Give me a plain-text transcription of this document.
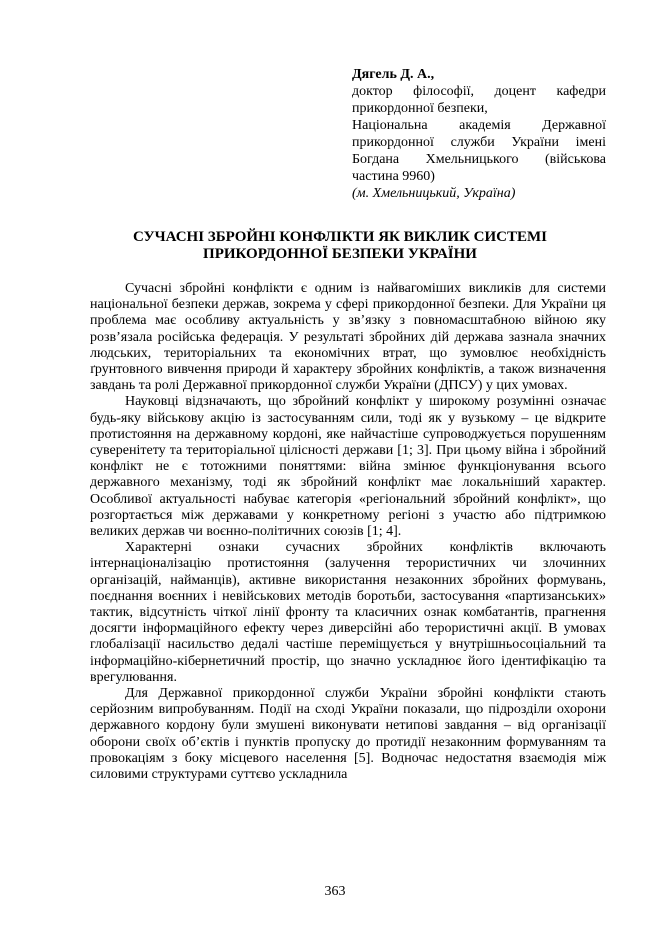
Дягель Д. А.,

доктор філософії, доцент кафедри прикордонної безпеки,

Національна академія Державної прикордонної служби України імені Богдана Хмельницького (військова частина 9960)

(м. Хмельницький, Україна)

СУЧАСНІ ЗБРОЙНІ КОНФЛІКТИ ЯК ВИКЛИК СИСТЕМІ

ПРИКОРДОННОЇ БЕЗПЕКИ УКРАЇНИ

Сучасні збройні конфлікти є одним із найвагоміших викликів для системи національної безпеки держав, зокрема у сфері прикордонної безпеки. Для України ця проблема має особливу актуальність у зв’язку з повномасштабною війною яку розв’язала російська федерація. У результаті збройних дій держава зазнала значних людських, територіальних та економічних втрат, що зумовлює необхідність ґрунтовного вивчення природи й характеру збройних конфліктів, а також визначення завдань та ролі Державної прикордонної служби України (ДПСУ) у цих умовах.

Науковці відзначають, що збройний конфлікт у широкому розумінні означає будь-яку військову акцію із застосуванням сили, тоді як у вузькому – це відкрите протистояння на державному кордоні, яке найчастіше супроводжується порушенням суверенітету та територіальної цілісності держави [1; 3]. При цьому війна і збройний конфлікт не є тотожними поняттями: війна змінює функціонування всього державного механізму, тоді як збройний конфлікт має локальніший характер. Особливої актуальності набуває категорія «регіональний збройний конфлікт», що розгортається між державами у конкретному регіоні з участю або підтримкою великих держав чи воєнно-політичних союзів [1; 4].

Характерні ознаки сучасних збройних конфліктів включають інтернаціоналізацію протистояння (залучення терористичних чи злочинних організацій, найманців), активне використання незаконних збройних формувань, поєднання воєнних і невійськових методів боротьби, застосування «партизанських» тактик, відсутність чіткої лінії фронту та класичних ознак комбатантів, прагнення досягти інформаційного ефекту через диверсійні або терористичні акції. В умовах глобалізації насильство дедалі частіше переміщується у внутрішньосоціальний та інформаційно-кібернетичний простір, що значно ускладнює його ідентифікацію та врегулювання.

Для Державної прикордонної служби України збройні конфлікти стають серйозним випробуванням. Події на сході України показали, що підрозділи охорони державного кордону були змушені виконувати нетипові завдання – від організації оборони своїх об’єктів і пунктів пропуску до протидії незаконним формуванням та провокаціям з боку місцевого населення [5]. Водночас недостатня взаємодія між силовими структурами суттєво ускладнила

363
